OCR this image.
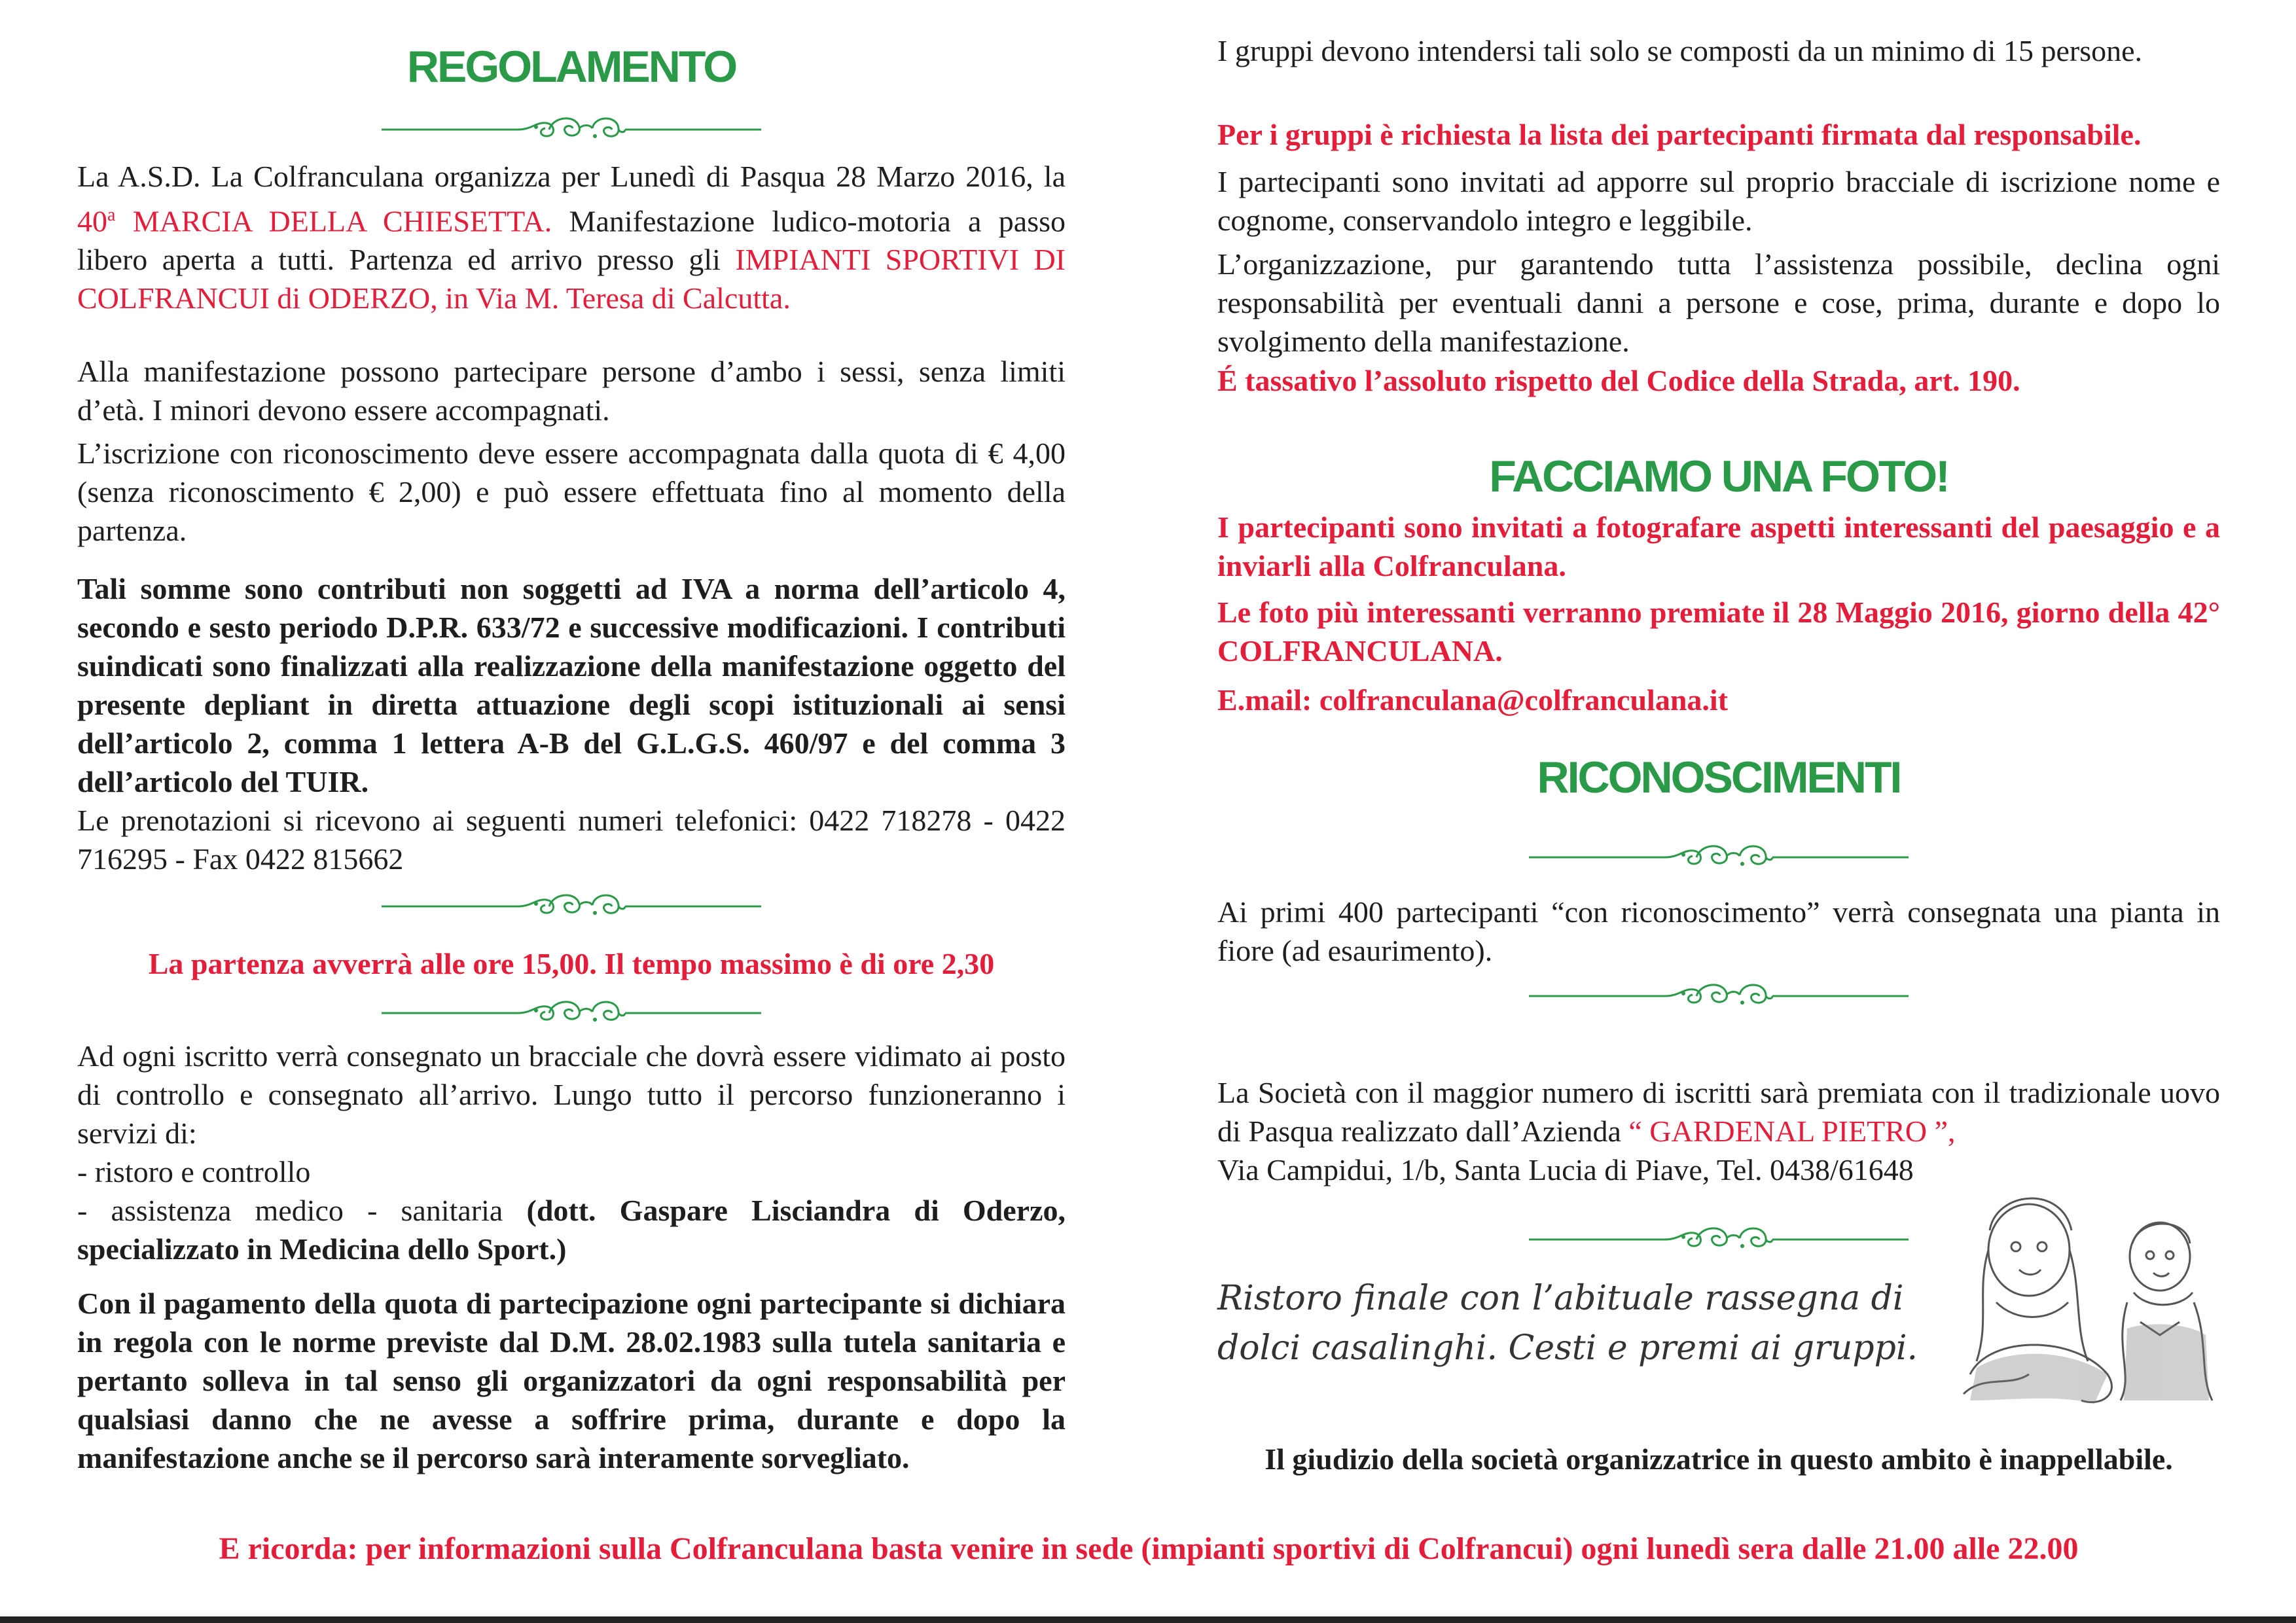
REGOLAMENTO

La A.S.D. La Colfranculana organizza per Lunedì di Pasqua 28 Marzo 2016, la 40$^a$ MARCIA DELLA CHIESETTA. Manifestazione ludico-motoria a passo libero aperta a tutti. Partenza ed arrivo presso gli IMPIANTI SPORTIVI DI COLFRANCUI di ODERZO, in Via M. Teresa di Calcutta.

Alla manifestazione possono partecipare persone d’ambo i sessi, senza limiti d’età. I minori devono essere accompagnati.

L’iscrizione con riconoscimento deve essere accompagnata dalla quota di € 4,00 (senza riconoscimento € 2,00) e può essere effettuata fino al momento della partenza.

Tali somme sono contributi non soggetti ad IVA a norma dell’articolo 4, secondo e sesto periodo D.P.R. 633/72 e successive modificazioni. I contributi suindicati sono finalizzati alla realizzazione della manifestazione oggetto del presente depliant in diretta attuazione degli scopi istituzionali ai sensi dell’articolo 2, comma 1 lettera A-B del G.L.G.S. 460/97 e del comma 3 dell’articolo del TUIR.

Le prenotazioni si ricevono ai seguenti numeri telefonici: 0422 718278 - 0422 716295 - Fax 0422 815662

La partenza avverrà alle ore 15,00. Il tempo massimo è di ore 2,30

Ad ogni iscritto verrà consegnato un bracciale che dovrà essere vidimato ai posto di controllo e consegnato all’arrivo. Lungo tutto il percorso funzioneranno i servizi di:

- ristoro e controllo

- assistenza medico - sanitaria (dott. Gaspare Lisciandra di Oderzo, specializzato in Medicina dello Sport.)

Con il pagamento della quota di partecipazione ogni partecipante si dichiara in regola con le norme previste dal D.M. 28.02.1983 sulla tutela sanitaria e pertanto solleva in tal senso gli organizzatori da ogni responsabilità per qualsiasi danno che ne avesse a soffrire prima, durante e dopo la manifestazione anche se il percorso sarà interamente sorvegliato.

I gruppi devono intendersi tali solo se composti da un minimo di 15 persone.

Per i gruppi è richiesta la lista dei partecipanti firmata dal responsabile.

I partecipanti sono invitati ad apporre sul proprio bracciale di iscrizione nome e cognome, conservandolo integro e leggibile.

L’organizzazione, pur garantendo tutta l’assistenza possibile, declina ogni responsabilità per eventuali danni a persone e cose, prima, durante e dopo lo svolgimento della manifestazione.

É tassativo l’assoluto rispetto del Codice della Strada, art. 190.

FACCIAMO UNA FOTO!

I partecipanti sono invitati a fotografare aspetti interessanti del paesaggio e a inviarli alla Colfranculana.

Le foto più interessanti verranno premiate il 28 Maggio 2016, giorno della 42° COLFRANCULANA.

E.mail: colfranculana@colfranculana.it

RICONOSCIMENTI

Ai primi 400 partecipanti “con riconoscimento” verrà consegnata una pianta in fiore (ad esaurimento).

La Società con il maggior numero di iscritti sarà premiata con il tradizionale uovo di Pasqua realizzato dall’Azienda “ GARDENAL PIETRO ”,
Via Campidui, 1/b, Santa Lucia di Piave, Tel. 0438/61648

Ristoro finale con l’abituale rassegna di
dolci casalinghi. Cesti e premi ai gruppi.

Il giudizio della società organizzatrice in questo ambito è inappellabile.

E ricorda: per informazioni sulla Colfranculana basta venire in sede (impianti sportivi di Colfrancui) ogni lunedì sera dalle 21.00 alle 22.00
